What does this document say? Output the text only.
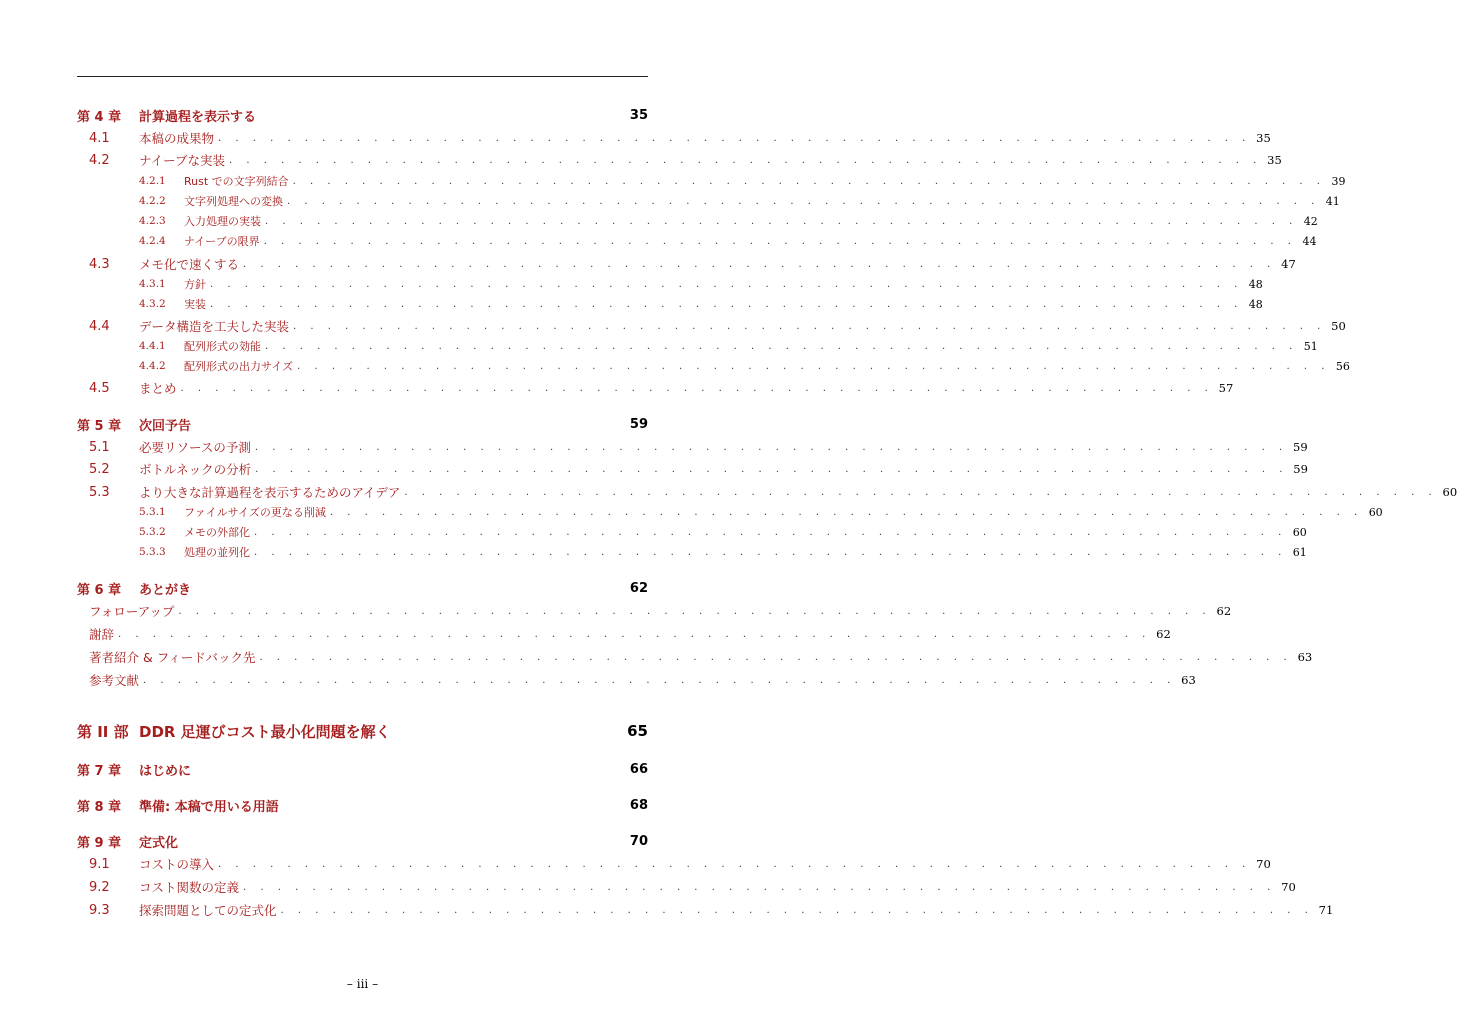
第 4 章	計算過程を表示する	35
4.1	本稿の成果物 . . . . . . . . . . . . . . . . . . . . . . . . . . . . . . . . . . . . . . . . . . . . . . . . . . . . . . . . . . . . 35
4.2	ナイーブな実装 . . . . . . . . . . . . . . . . . . . . . . . . . . . . . . . . . . . . . . . . . . . . . . . . . . . . . . . . . . . . 35
4.2.1	Rust での文字列結合 . . . . . . . . . . . . . . . . . . . . . . . . . . . . . . . . . . . . . . . . . . . . . . . . . . . . . . . . . . . . 39
4.2.2	文字列処理への変換 . . . . . . . . . . . . . . . . . . . . . . . . . . . . . . . . . . . . . . . . . . . . . . . . . . . . . . . . . . . . 41
4.2.3	入力処理の実装 . . . . . . . . . . . . . . . . . . . . . . . . . . . . . . . . . . . . . . . . . . . . . . . . . . . . . . . . . . . . 42
4.2.4	ナイーブの限界 . . . . . . . . . . . . . . . . . . . . . . . . . . . . . . . . . . . . . . . . . . . . . . . . . . . . . . . . . . . . 44
4.3	メモ化で速くする . . . . . . . . . . . . . . . . . . . . . . . . . . . . . . . . . . . . . . . . . . . . . . . . . . . . . . . . . . . . 47
4.3.1	方針 . . . . . . . . . . . . . . . . . . . . . . . . . . . . . . . . . . . . . . . . . . . . . . . . . . . . . . . . . . . . 48
4.3.2	実装 . . . . . . . . . . . . . . . . . . . . . . . . . . . . . . . . . . . . . . . . . . . . . . . . . . . . . . . . . . . . 48
4.4	データ構造を工夫した実装 . . . . . . . . . . . . . . . . . . . . . . . . . . . . . . . . . . . . . . . . . . . . . . . . . . . . . . . . . . . . 50
4.4.1	配列形式の効能 . . . . . . . . . . . . . . . . . . . . . . . . . . . . . . . . . . . . . . . . . . . . . . . . . . . . . . . . . . . . 51
4.4.2	配列形式の出力サイズ . . . . . . . . . . . . . . . . . . . . . . . . . . . . . . . . . . . . . . . . . . . . . . . . . . . . . . . . . . . . 56
4.5	まとめ . . . . . . . . . . . . . . . . . . . . . . . . . . . . . . . . . . . . . . . . . . . . . . . . . . . . . . . . . . . . 57
第 5 章	次回予告	59
5.1	必要リソースの予測 . . . . . . . . . . . . . . . . . . . . . . . . . . . . . . . . . . . . . . . . . . . . . . . . . . . . . . . . . . . . 59
5.2	ボトルネックの分析 . . . . . . . . . . . . . . . . . . . . . . . . . . . . . . . . . . . . . . . . . . . . . . . . . . . . . . . . . . . . 59
5.3	より大きな計算過程を表示するためのアイデア . . . . . . . . . . . . . . . . . . . . . . . . . . . . . . . . . . . . . . . . . . . . . . . . . . . . . . . . . . . . 60
5.3.1	ファイルサイズの更なる削減 . . . . . . . . . . . . . . . . . . . . . . . . . . . . . . . . . . . . . . . . . . . . . . . . . . . . . . . . . . . . 60
5.3.2	メモの外部化 . . . . . . . . . . . . . . . . . . . . . . . . . . . . . . . . . . . . . . . . . . . . . . . . . . . . . . . . . . . . 60
5.3.3	処理の並列化 . . . . . . . . . . . . . . . . . . . . . . . . . . . . . . . . . . . . . . . . . . . . . . . . . . . . . . . . . . . . 61
第 6 章	あとがき	62
フォローアップ . . . . . . . . . . . . . . . . . . . . . . . . . . . . . . . . . . . . . . . . . . . . . . . . . . . . . . . . . . . . 62
謝辞 . . . . . . . . . . . . . . . . . . . . . . . . . . . . . . . . . . . . . . . . . . . . . . . . . . . . . . . . . . . . 62
著者紹介 & フィードバック先 . . . . . . . . . . . . . . . . . . . . . . . . . . . . . . . . . . . . . . . . . . . . . . . . . . . . . . . . . . . . 63
参考文献 . . . . . . . . . . . . . . . . . . . . . . . . . . . . . . . . . . . . . . . . . . . . . . . . . . . . . . . . . . . . 63
第 II 部 DDR 足運びコスト最小化問題を解く	65
第 7 章	はじめに	66
第 8 章	準備: 本稿で用いる用語	68
第 9 章	定式化	70
9.1	コストの導入 . . . . . . . . . . . . . . . . . . . . . . . . . . . . . . . . . . . . . . . . . . . . . . . . . . . . . . . . . . . . 70
9.2	コスト関数の定義 . . . . . . . . . . . . . . . . . . . . . . . . . . . . . . . . . . . . . . . . . . . . . . . . . . . . . . . . . . . . 70
9.3	探索問題としての定式化 . . . . . . . . . . . . . . . . . . . . . . . . . . . . . . . . . . . . . . . . . . . . . . . . . . . . . . . . . . . . 71
– iii –
